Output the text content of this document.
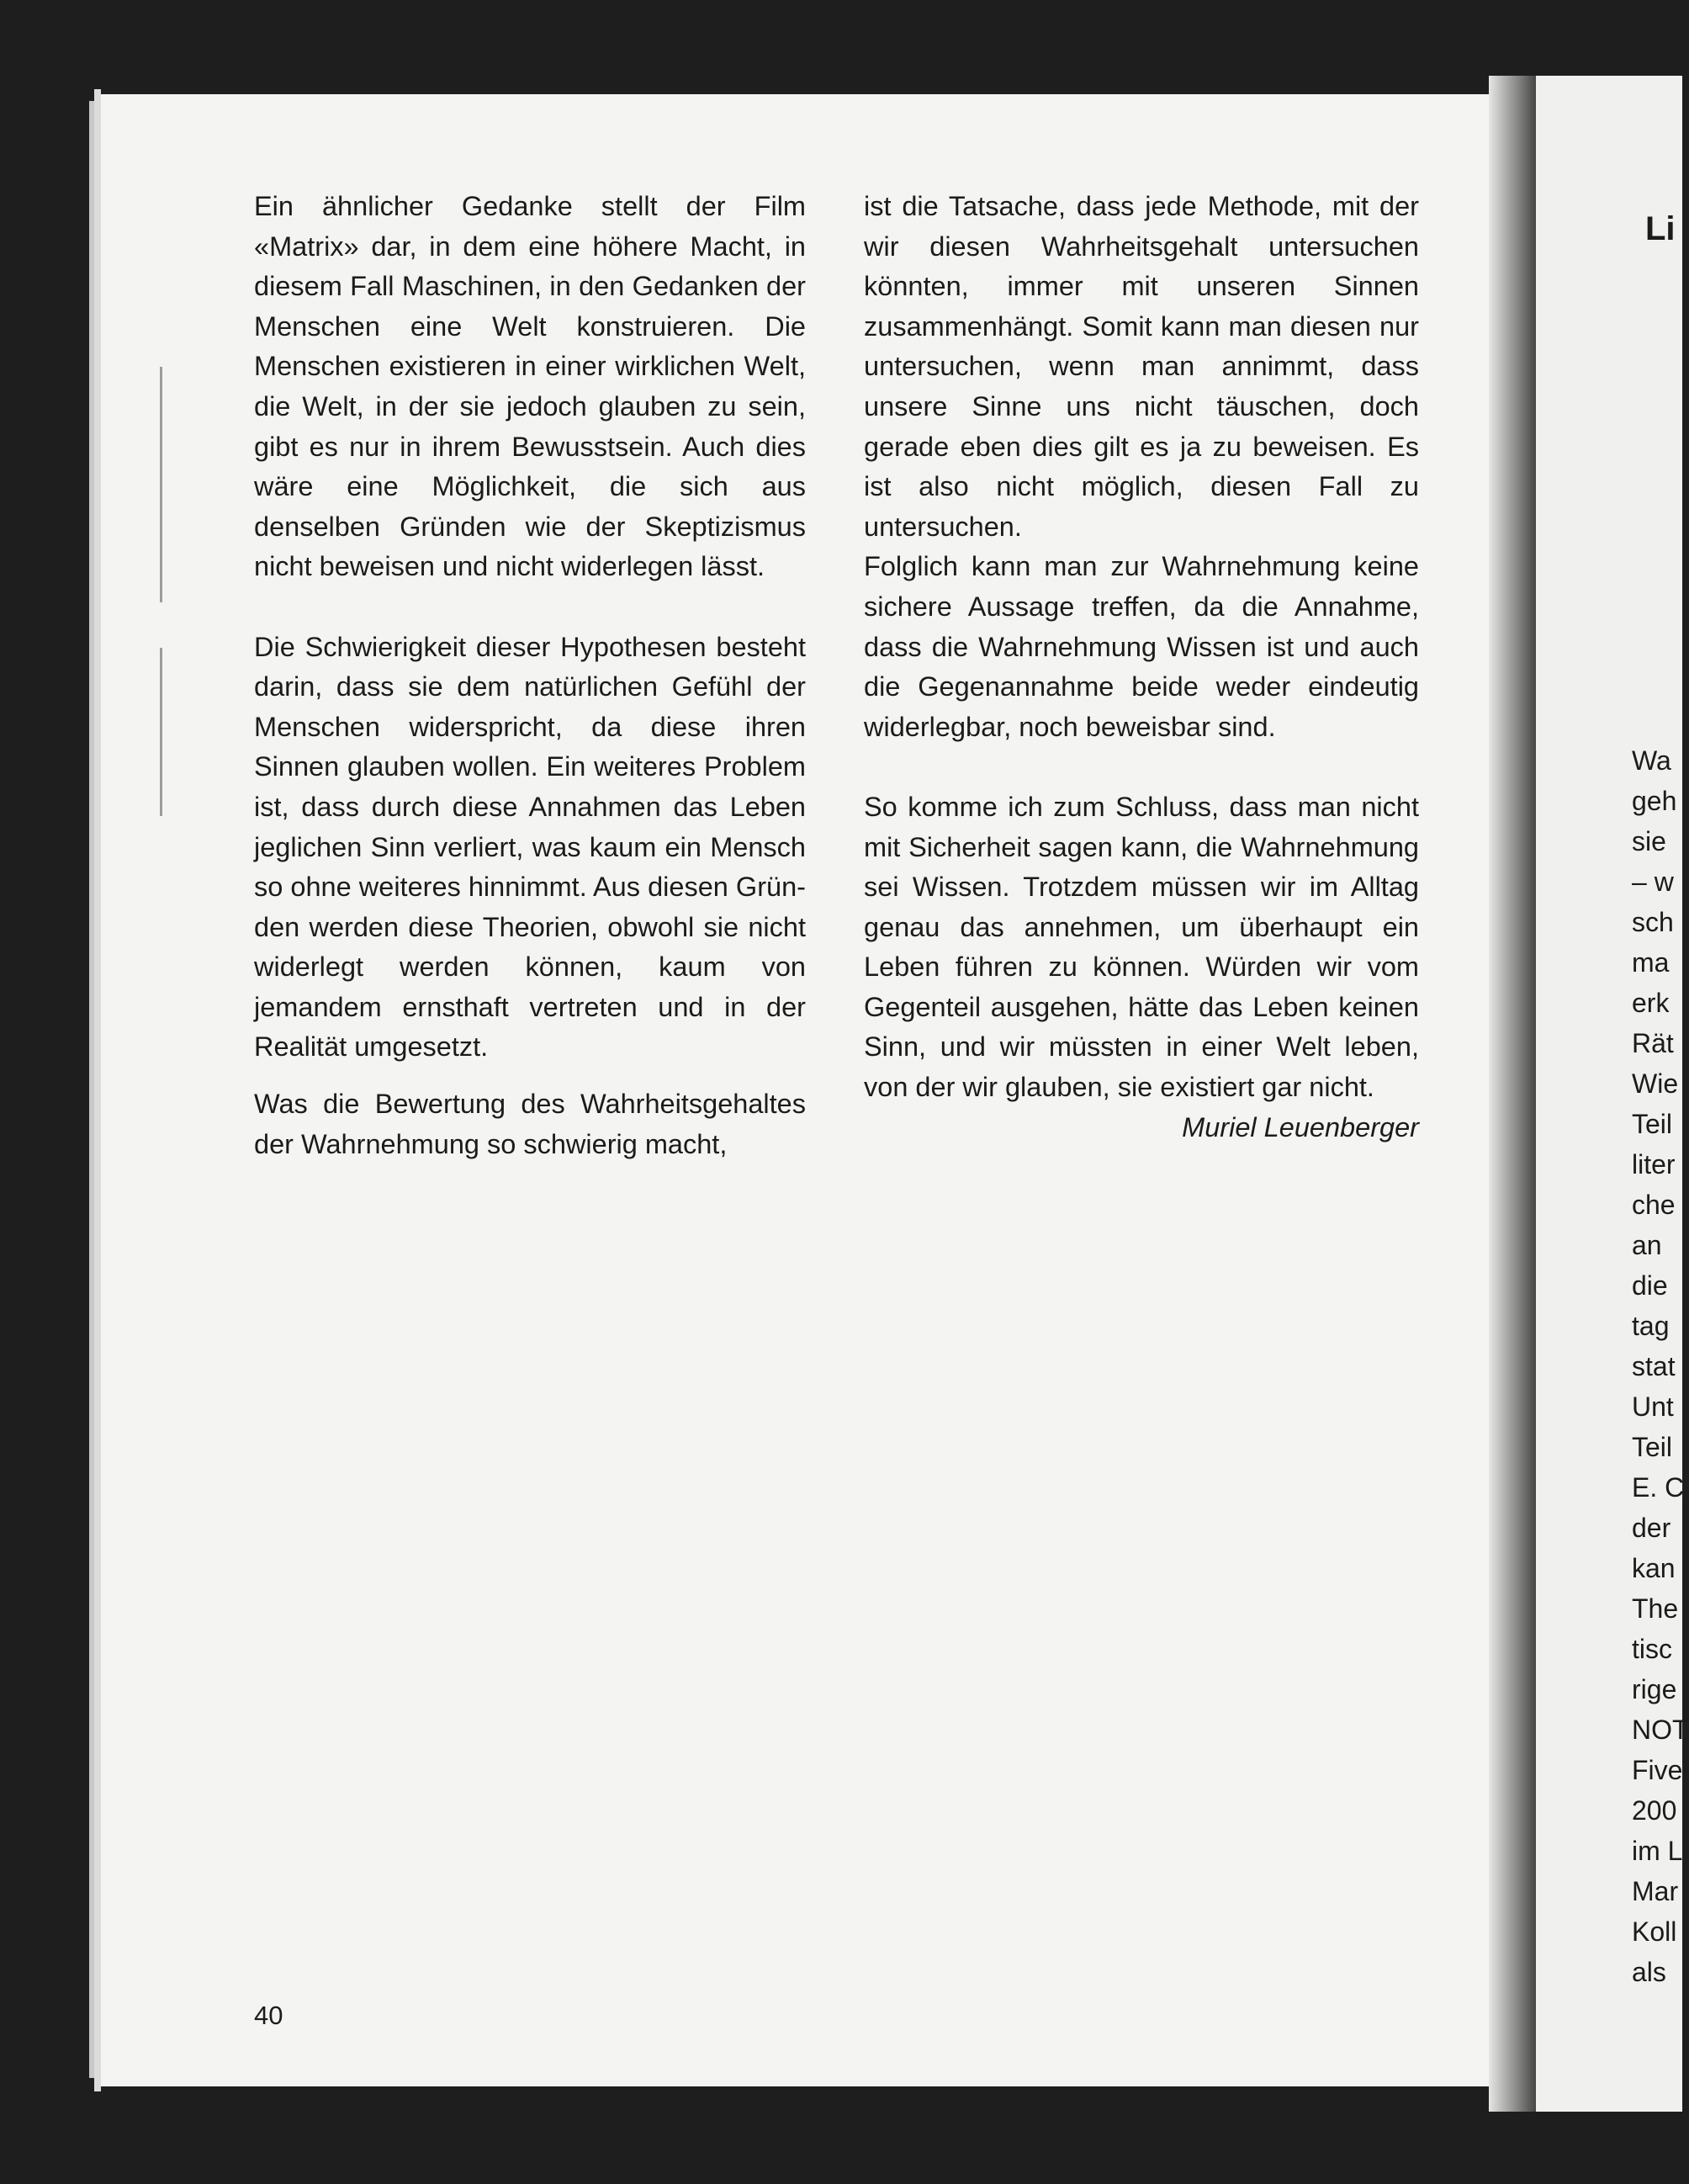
Ein ähnlicher Gedanke stellt der Film «Matrix» dar, in dem eine höhere Macht, in diesem Fall Maschinen, in den Gedanken der Menschen eine Welt konstruieren. Die Menschen existieren in einer wirklichen Welt, die Welt, in der sie jedoch glauben zu sein, gibt es nur in ihrem Bewusstsein. Auch dies wäre eine Möglichkeit, die sich aus denselben Gründen wie der Skeptizismus nicht beweisen und nicht widerlegen lässt.

Die Schwierigkeit dieser Hypothesen besteht darin, dass sie dem natürlichen Gefühl der Menschen widerspricht, da diese ihren Sinnen glauben wollen. Ein weiteres Problem ist, dass durch diese Annahmen das Leben jeglichen Sinn verliert, was kaum ein Mensch so ohne weiteres hinnimmt. Aus diesen Grün-den werden diese Theorien, obwohl sie nicht widerlegt werden können, kaum von jemandem ernsthaft vertreten und in der Realität umgesetzt.

Was die Bewertung des Wahrheitsgehaltes der Wahrnehmung so schwierig macht,

ist die Tatsache, dass jede Methode, mit der wir diesen Wahrheitsgehalt untersuchen könnten, immer mit unseren Sinnen zusammenhängt. Somit kann man diesen nur untersuchen, wenn man annimmt, dass unsere Sinne uns nicht täuschen, doch gerade eben dies gilt es ja zu beweisen. Es ist also nicht möglich, diesen Fall zu untersuchen.

Folglich kann man zur Wahrnehmung keine sichere Aussage treffen, da die Annahme, dass die Wahrnehmung Wissen ist und auch die Gegenannahme beide weder eindeutig widerlegbar, noch beweisbar sind.

So komme ich zum Schluss, dass man nicht mit Sicherheit sagen kann, die Wahrnehmung sei Wissen. Trotzdem müssen wir im Alltag genau das annehmen, um überhaupt ein Leben führen zu können. Würden wir vom Gegenteil ausgehen, hätte das Leben keinen Sinn, und wir müssten in einer Welt leben, von der wir glauben, sie existiert gar nicht.

Muriel Leuenberger

40
Li
Wa
geh
sie
– w
sch
ma
erk
Rät
Wie
Teil
liter
che
an
die
tag
stat
Unt
Teil
E. C
der
kan
The
tisc
rige
NOT
Five
200
im L
Mar
Koll
als
